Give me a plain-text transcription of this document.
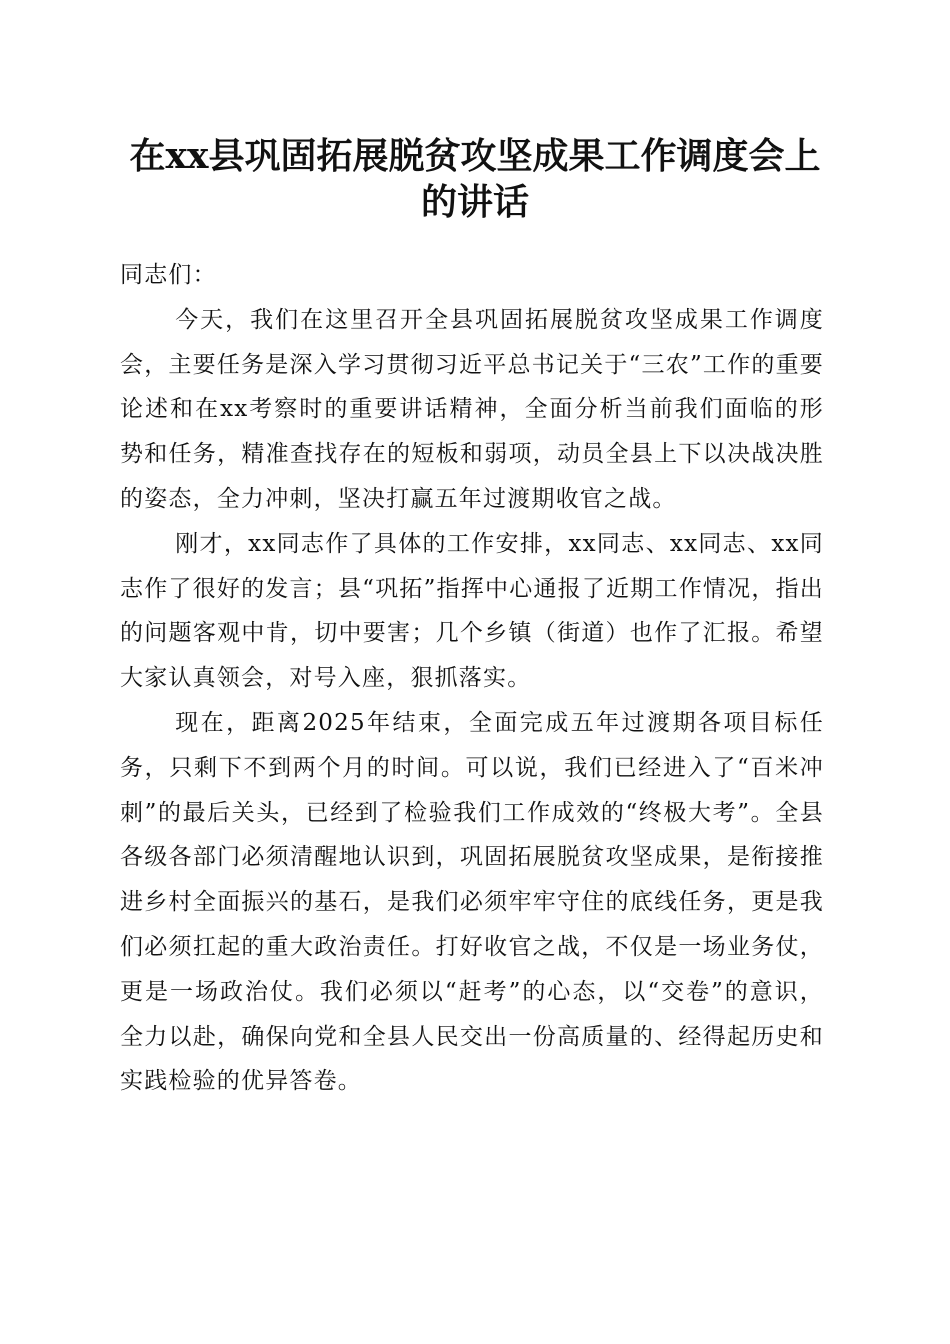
在xx县巩固拓展脱贫攻坚成果工作调度会上
的讲话

同志们：

今天，我们在这里召开全县巩固拓展脱贫攻坚成果工作调度会，主要任务是深入学习贯彻习近平总书记关于“三农”工作的重要论述和在xx考察时的重要讲话精神，全面分析当前我们面临的形势和任务，精准查找存在的短板和弱项，动员全县上下以决战决胜的姿态，全力冲刺，坚决打赢五年过渡期收官之战。

刚才，xx同志作了具体的工作安排，xx同志、xx同志、xx同志作了很好的发言；县“巩拓”指挥中心通报了近期工作情况，指出的问题客观中肯，切中要害；几个乡镇（街道）也作了汇报。希望大家认真领会，对号入座，狠抓落实。

现在，距离2025年结束，全面完成五年过渡期各项目标任务，只剩下不到两个月的时间。可以说，我们已经进入了“百米冲刺”的最后关头，已经到了检验我们工作成效的“终极大考”。全县各级各部门必须清醒地认识到，巩固拓展脱贫攻坚成果，是衔接推进乡村全面振兴的基石，是我们必须牢牢守住的底线任务，更是我们必须扛起的重大政治责任。打好收官之战，不仅是一场业务仗，更是一场政治仗。我们必须以“赶考”的心态，以“交卷”的意识，全力以赴，确保向党和全县人民交出一份高质量的、经得起历史和实践检验的优异答卷。
